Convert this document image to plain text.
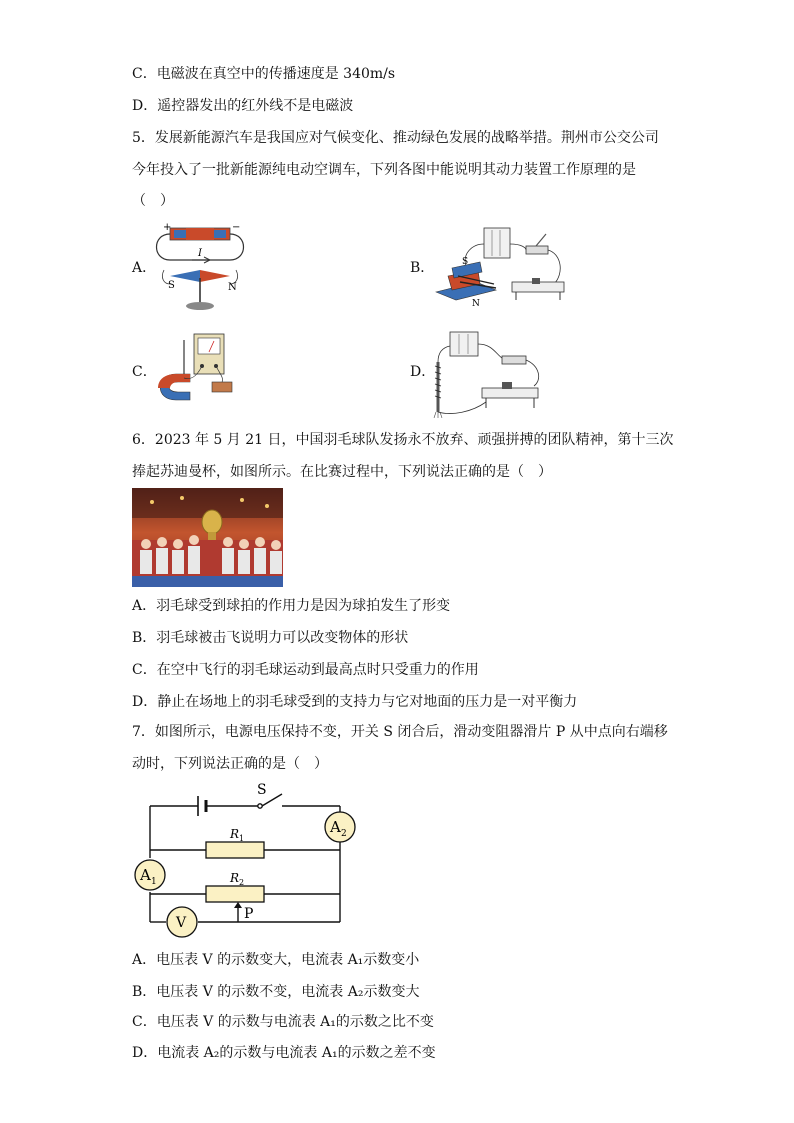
C．电磁波在真空中的传播速度是 340m/s
D．遥控器发出的红外线不是电磁波
5．发展新能源汽车是我国应对气候变化、推动绿色发展的战略举措。荆州市公交公司
今年投入了一批新能源纯电动空调车，下列各图中能说明其动力装置工作原理的是
（　）
A．	B．
C．	D．
+	−
I
S	N
S
N
6．2023 年 5 月 21 日，中国羽毛球队发扬永不放弃、顽强拼搏的团队精神，第十三次
捧起苏迪曼杯，如图所示。在比赛过程中，下列说法正确的是（　）
A．羽毛球受到球拍的作用力是因为球拍发生了形变
B．羽毛球被击飞说明力可以改变物体的形状
C．在空中飞行的羽毛球运动到最高点时只受重力的作用
D．静止在场地上的羽毛球受到的支持力与它对地面的压力是一对平衡力
7．如图所示，电源电压保持不变，开关 S 闭合后，滑动变阻器滑片 P 从中点向右端移
动时，下列说法正确的是（　）
P
S
R 1
R 2
A 2
A 1
V
A．电压表 V 的示数变大，电流表 A₁示数变小
B．电压表 V 的示数不变，电流表 A₂示数变大
C．电压表 V 的示数与电流表 A₁的示数之比不变
D．电流表 A₂的示数与电流表 A₁的示数之差不变
